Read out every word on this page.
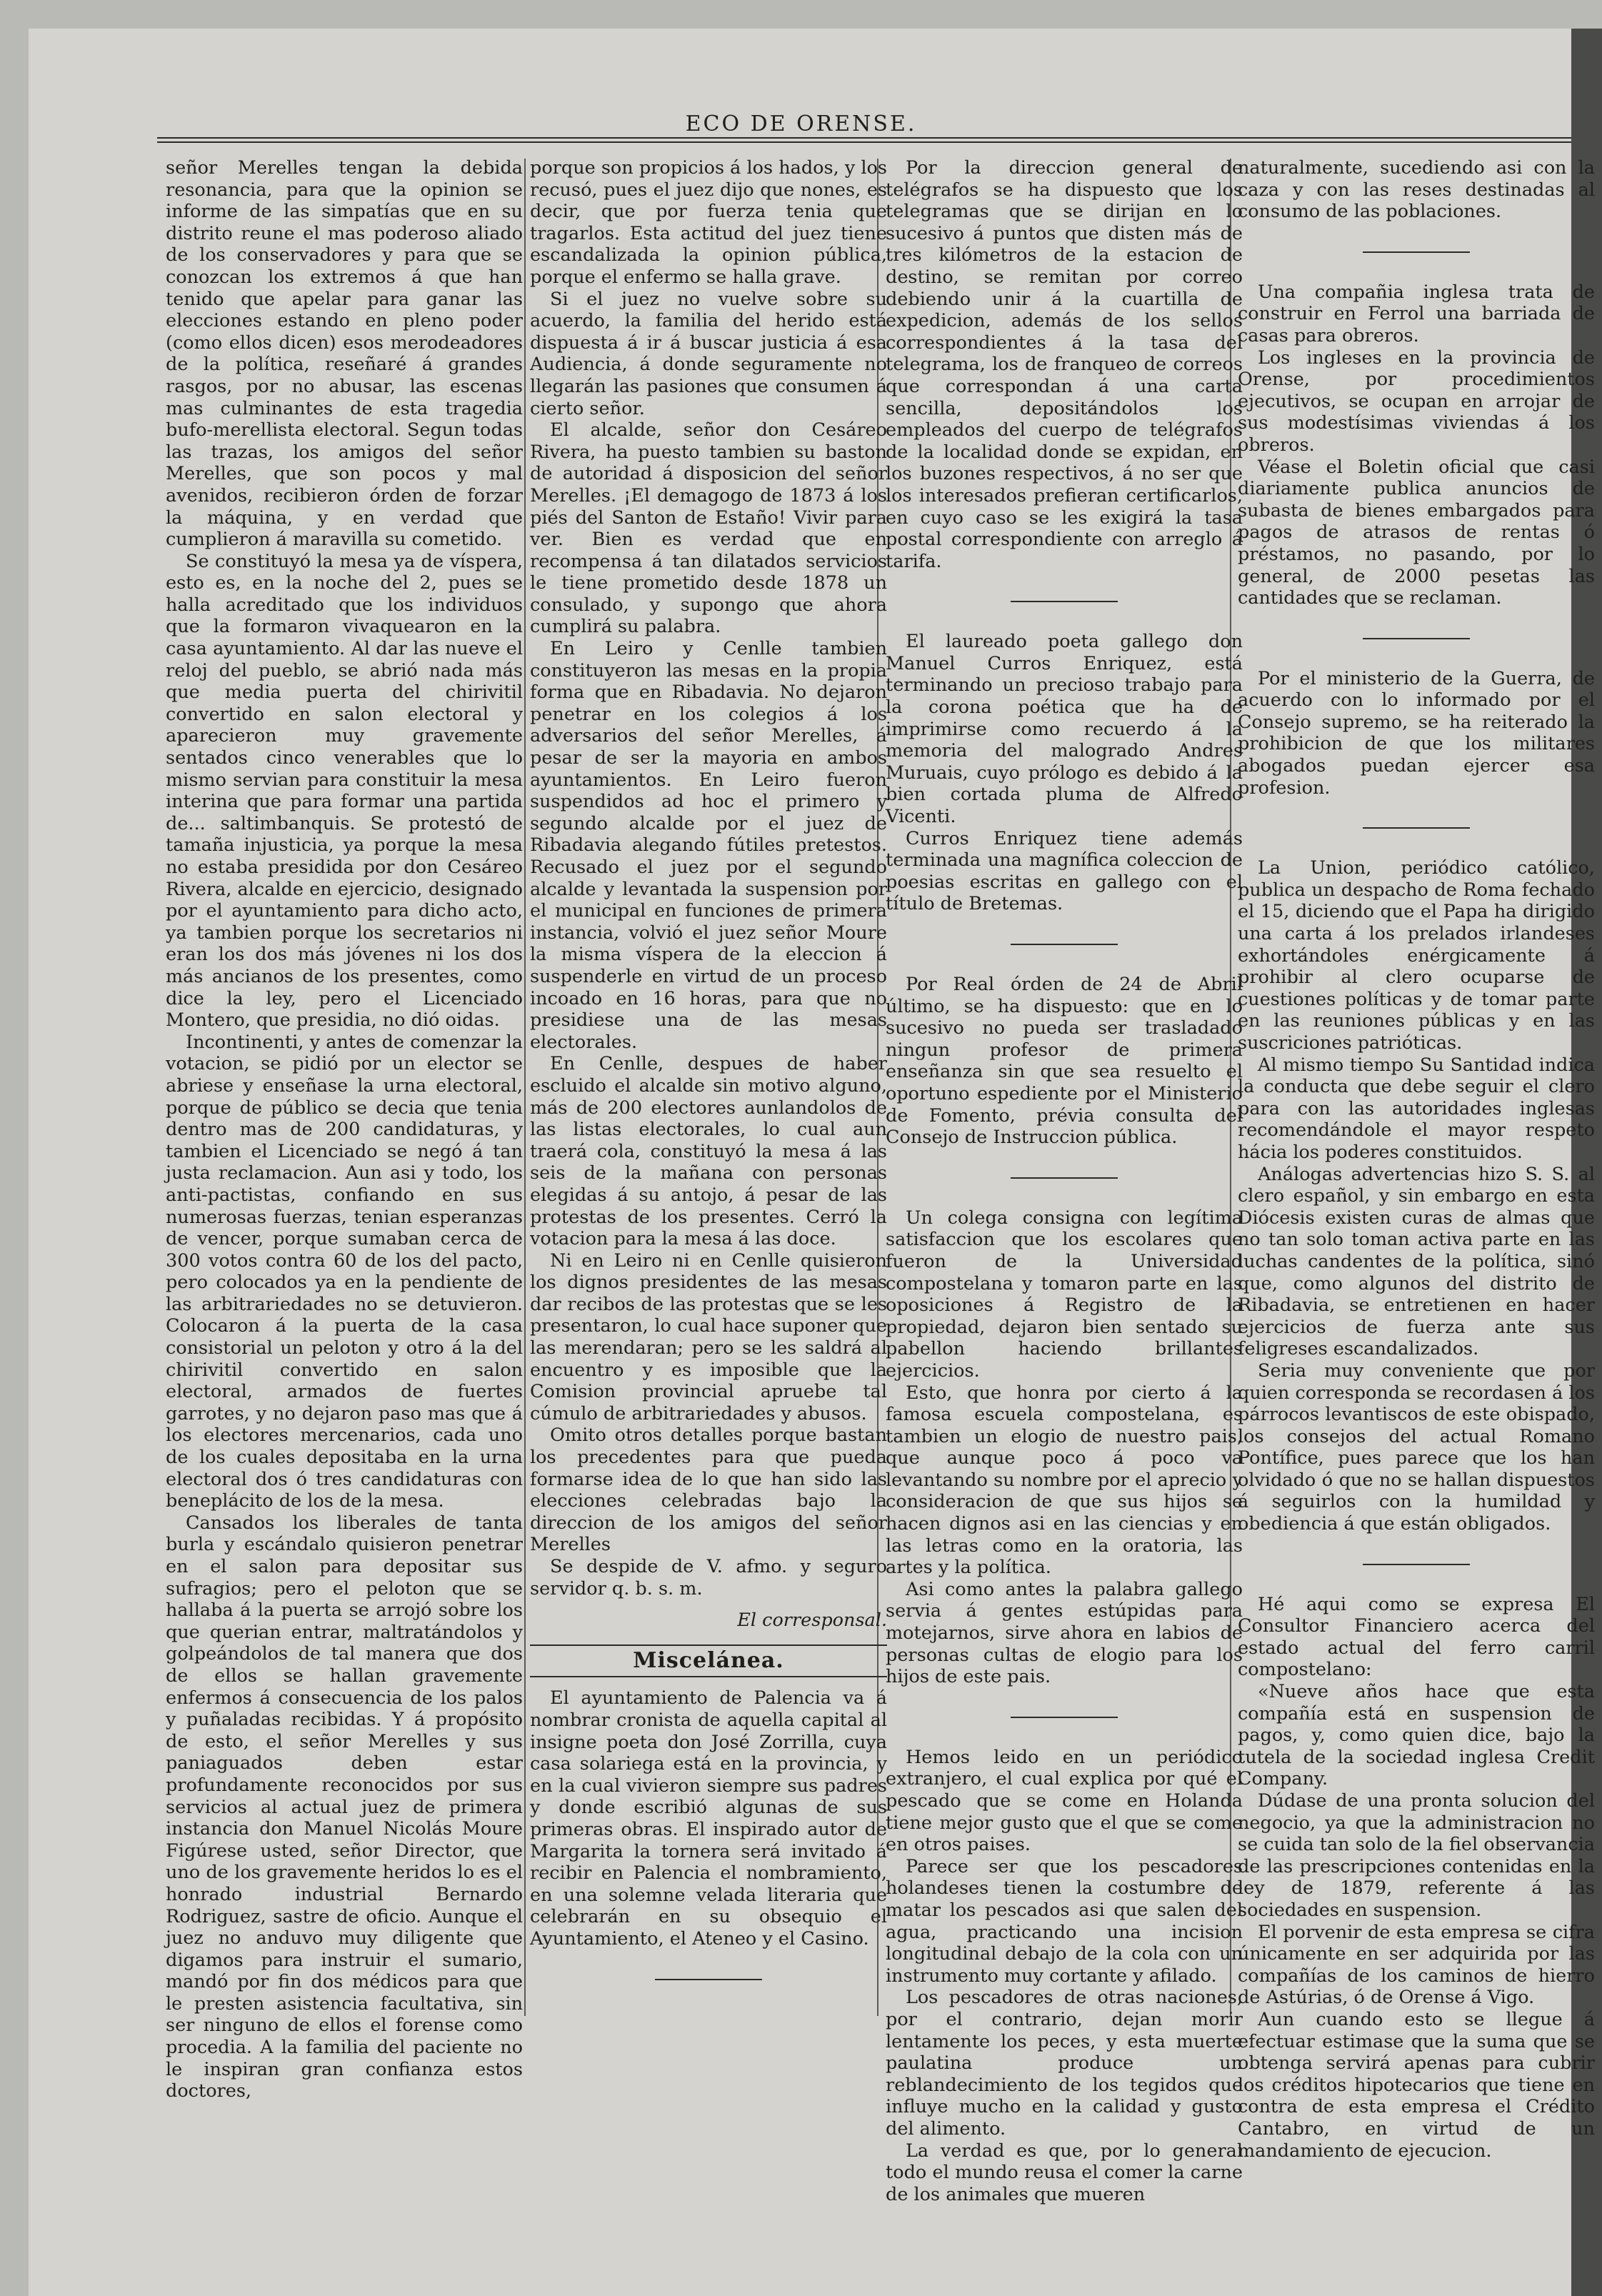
ECO DE ORENSE.

señor Merelles tengan la debida resonancia, para que la opinion se informe de las simpatías que en su distrito reune el mas poderoso aliado de los conservadores y para que se conozcan los extremos á que han tenido que apelar para ganar las elecciones estando en pleno poder (como ellos dicen) esos merodeadores de la política, reseñaré á grandes rasgos, por no abusar, las escenas mas culminantes de esta tragedia bufo-merellista electoral. Segun todas las trazas, los amigos del señor Merelles, que son pocos y mal avenidos, recibieron órden de forzar la máquina, y en verdad que cumplieron á maravilla su cometido.

Se constituyó la mesa ya de víspera, esto es, en la noche del 2, pues se halla acreditado que los individuos que la formaron vivaquearon en la casa ayuntamiento. Al dar las nueve el reloj del pueblo, se abrió nada más que media puerta del chirivitil convertido en salon electoral y aparecieron muy gravemente sentados cinco venerables que lo mismo servian para constituir la mesa interina que para formar una partida de... saltimbanquis. Se protestó de tamaña injusticia, ya porque la mesa no estaba presidida por don Cesáreo Rivera, alcalde en ejercicio, designado por el ayuntamiento para dicho acto, ya tambien porque los secretarios ni eran los dos más jóvenes ni los dos más ancianos de los presentes, como dice la ley, pero el Licenciado Montero, que presidia, no dió oidas.

Incontinenti, y antes de comenzar la votacion, se pidió por un elector se abriese y enseñase la urna electoral, porque de público se decia que tenia dentro mas de 200 candidaturas, y tambien el Licenciado se negó á tan justa reclamacion. Aun asi y todo, los anti-pactistas, confiando en sus numerosas fuerzas, tenian esperanzas de vencer, porque sumaban cerca de 300 votos contra 60 de los del pacto, pero colocados ya en la pendiente de las arbitrariedades no se detuvieron. Colocaron á la puerta de la casa consistorial un peloton y otro á la del chirivitil convertido en salon electoral, armados de fuertes garrotes, y no dejaron paso mas que á los electores mercenarios, cada uno de los cuales depositaba en la urna electoral dos ó tres candidaturas con beneplácito de los de la mesa.

Cansados los liberales de tanta burla y escándalo quisieron penetrar en el salon para depositar sus sufragios; pero el peloton que se hallaba á la puerta se arrojó sobre los que querian entrar, maltratándolos y golpeándolos de tal manera que dos de ellos se hallan gravemente enfermos á consecuencia de los palos y puñaladas recibidas. Y á propósito de esto, el señor Merelles y sus paniaguados deben estar profundamente reconocidos por sus servicios al actual juez de primera instancia don Manuel Nicolás Moure Figúrese usted, señor Director, que uno de los gravemente heridos lo es el honrado industrial Bernardo Rodriguez, sastre de oficio. Aunque el juez no anduvo muy diligente que digamos para instruir el sumario, mandó por fin dos médicos para que le presten asistencia facultativa, sin ser ninguno de ellos el forense como procedia. A la familia del paciente no le inspiran gran confianza estos doctores,

porque son propicios á los hados, y los recusó, pues el juez dijo que nones, es decir, que por fuerza tenia que tragarlos. Esta actitud del juez tiene escandalizada la opinion pública, porque el enfermo se halla grave.

Si el juez no vuelve sobre su acuerdo, la familia del herido está dispuesta á ir á buscar justicia á esa Audiencia, á donde seguramente no llegarán las pasiones que consumen á cierto señor.

El alcalde, señor don Cesáreo Rivera, ha puesto tambien su baston de autoridad á disposicion del señor Merelles. ¡El demagogo de 1873 á los piés del Santon de Estaño! Vivir para ver. Bien es verdad que en recompensa á tan dilatados servicios le tiene prometido desde 1878 un consulado, y supongo que ahora cumplirá su palabra.

En Leiro y Cenlle tambien constituyeron las mesas en la propia forma que en Ribadavia. No dejaron penetrar en los colegios á los adversarios del señor Merelles, á pesar de ser la mayoria en ambos ayuntamientos. En Leiro fueron suspendidos ad hoc el primero y segundo alcalde por el juez de Ribadavia alegando fútiles pretestos. Recusado el juez por el segundo alcalde y levantada la suspension por el municipal en funciones de primera instancia, volvió el juez señor Moure la misma víspera de la eleccion á suspenderle en virtud de un proceso incoado en 16 horas, para que no presidiese una de las mesas electorales.

En Cenlle, despues de haber escluido el alcalde sin motivo alguno, más de 200 electores aunlandolos de las listas electorales, lo cual aun traerá cola, constituyó la mesa á las seis de la mañana con personas elegidas á su antojo, á pesar de las protestas de los presentes. Cerró la votacion para la mesa á las doce.

Ni en Leiro ni en Cenlle quisieron los dignos presidentes de las mesas dar recibos de las protestas que se les presentaron, lo cual hace suponer que las merendaran; pero se les saldrá al encuentro y es imposible que la Comision provincial apruebe tal cúmulo de arbitrariedades y abusos.

Omito otros detalles porque bastan los precedentes para que pueda formarse idea de lo que han sido las elecciones celebradas bajo la direccion de los amigos del señor Merelles

Se despide de V. afmo. y seguro servidor q. b. s. m.

El corresponsal.

Miscelánea.

El ayuntamiento de Palencia va á nombrar cronista de aquella capital al insigne poeta don José Zorrilla, cuya casa solariega está en la provincia, y en la cual vivieron siempre sus padres y donde escribió algunas de sus primeras obras. El inspirado autor de Margarita la tornera será invitado á recibir en Palencia el nombramiento, en una solemne velada literaria que celebrarán en su obsequio el Ayuntamiento, el Ateneo y el Casino.

Por la direccion general de telégrafos se ha dispuesto que los telegramas que se dirijan en lo sucesivo á puntos que disten más de tres kilómetros de la estacion de destino, se remitan por correo debiendo unir á la cuartilla de expedicion, además de los sellos correspondientes á la tasa del telegrama, los de franqueo de correos que correspondan á una carta sencilla, depositándolos los empleados del cuerpo de telégrafos de la localidad donde se expidan, en los buzones respectivos, á no ser que los interesados prefieran certificarlos, en cuyo caso se les exigirá la tasa postal correspondiente con arreglo á tarifa.

El laureado poeta gallego don Manuel Curros Enriquez, está terminando un precioso trabajo para la corona poética que ha de imprimirse como recuerdo á la memoria del malogrado Andres Muruais, cuyo prólogo es debido á la bien cortada pluma de Alfredo Vicenti.

Curros Enriquez tiene además terminada una magnífica coleccion de poesias escritas en gallego con el título de Bretemas.

Por Real órden de 24 de Abril último, se ha dispuesto: que en lo sucesivo no pueda ser trasladado ningun profesor de primera enseñanza sin que sea resuelto el oportuno espediente por el Ministerio de Fomento, prévia consulta del Consejo de Instruccion pública.

Un colega consigna con legítima satisfaccion que los escolares que fueron de la Universidad compostelana y tomaron parte en las oposiciones á Registro de la propiedad, dejaron bien sentado su pabellon haciendo brillantes ejercicios.

Esto, que honra por cierto á la famosa escuela compostelana, es tambien un elogio de nuestro pais, que aunque poco á poco va levantando su nombre por el aprecio y consideracion de que sus hijos se hacen dignos asi en las ciencias y en las letras como en la oratoria, las artes y la política.

Asi como antes la palabra gallego servia á gentes estúpidas para motejarnos, sirve ahora en labios de personas cultas de elogio para los hijos de este pais.

Hemos leido en un periódico extranjero, el cual explica por qué el pescado que se come en Holanda tiene mejor gusto que el que se come en otros paises.

Parece ser que los pescadores holandeses tienen la costumbre de matar los pescados asi que salen del agua, practicando una incision longitudinal debajo de la cola con un instrumento muy cortante y afilado.

Los pescadores de otras naciones, por el contrario, dejan morir lentamente los peces, y esta muerte paulatina produce un reblandecimiento de los tegidos que influye mucho en la calidad y gusto del alimento.

La verdad es que, por lo general todo el mundo reusa el comer la carne de los animales que mueren

naturalmente, sucediendo asi con la caza y con las reses destinadas al consumo de las poblaciones.

Una compañia inglesa trata de construir en Ferrol una barriada de casas para obreros.

Los ingleses en la provincia de Orense, por procedimientos ejecutivos, se ocupan en arrojar de sus modestísimas viviendas á los obreros.

Véase el Boletin oficial que casi diariamente publica anuncios de subasta de bienes embargados para pagos de atrasos de rentas ó préstamos, no pasando, por lo general, de 2000 pesetas las cantidades que se reclaman.

Por el ministerio de la Guerra, de acuerdo con lo informado por el Consejo supremo, se ha reiterado la prohibicion de que los militares abogados puedan ejercer esa profesion.

La Union, periódico católico, publica un despacho de Roma fechado el 15, diciendo que el Papa ha dirigido una carta á los prelados irlandeses exhortándoles enérgicamente á prohibir al clero ocuparse de cuestiones políticas y de tomar parte en las reuniones públicas y en las suscriciones patrióticas.

Al mismo tiempo Su Santidad indica la conducta que debe seguir el clero para con las autoridades inglesas recomendándole el mayor respeto hácia los poderes constituidos.

Análogas advertencias hizo S. S. al clero español, y sin embargo en esta Diócesis existen curas de almas que no tan solo toman activa parte en las luchas candentes de la política, sinó que, como algunos del distrito de Ribadavia, se entretienen en hacer ejercicios de fuerza ante sus feligreses escandalizados.

Seria muy conveniente que por quien corresponda se recordasen á los párrocos levantiscos de este obispado, los consejos del actual Romano Pontífice, pues parece que los han olvidado ó que no se hallan dispuestos á seguirlos con la humildad y obediencia á que están obligados.

Hé aqui como se expresa El Consultor Financiero acerca del estado actual del ferro carril compostelano:

«Nueve años hace que esta compañía está en suspension de pagos, y, como quien dice, bajo la tutela de la sociedad inglesa Credit Company.

Dúdase de una pronta solucion del negocio, ya que la administracion no se cuida tan solo de la fiel observancia de las prescripciones contenidas en la ley de 1879, referente á las sociedades en suspension.

El porvenir de esta empresa se cifra únicamente en ser adquirida por las compañías de los caminos de hierro de Astúrias, ó de Orense á Vigo.

Aun cuando esto se llegue á efectuar estimase que la suma que se obtenga servirá apenas para cubrir los créditos hipotecarios que tiene en contra de esta empresa el Crédito Cantabro, en virtud de un mandamiento de ejecucion.
